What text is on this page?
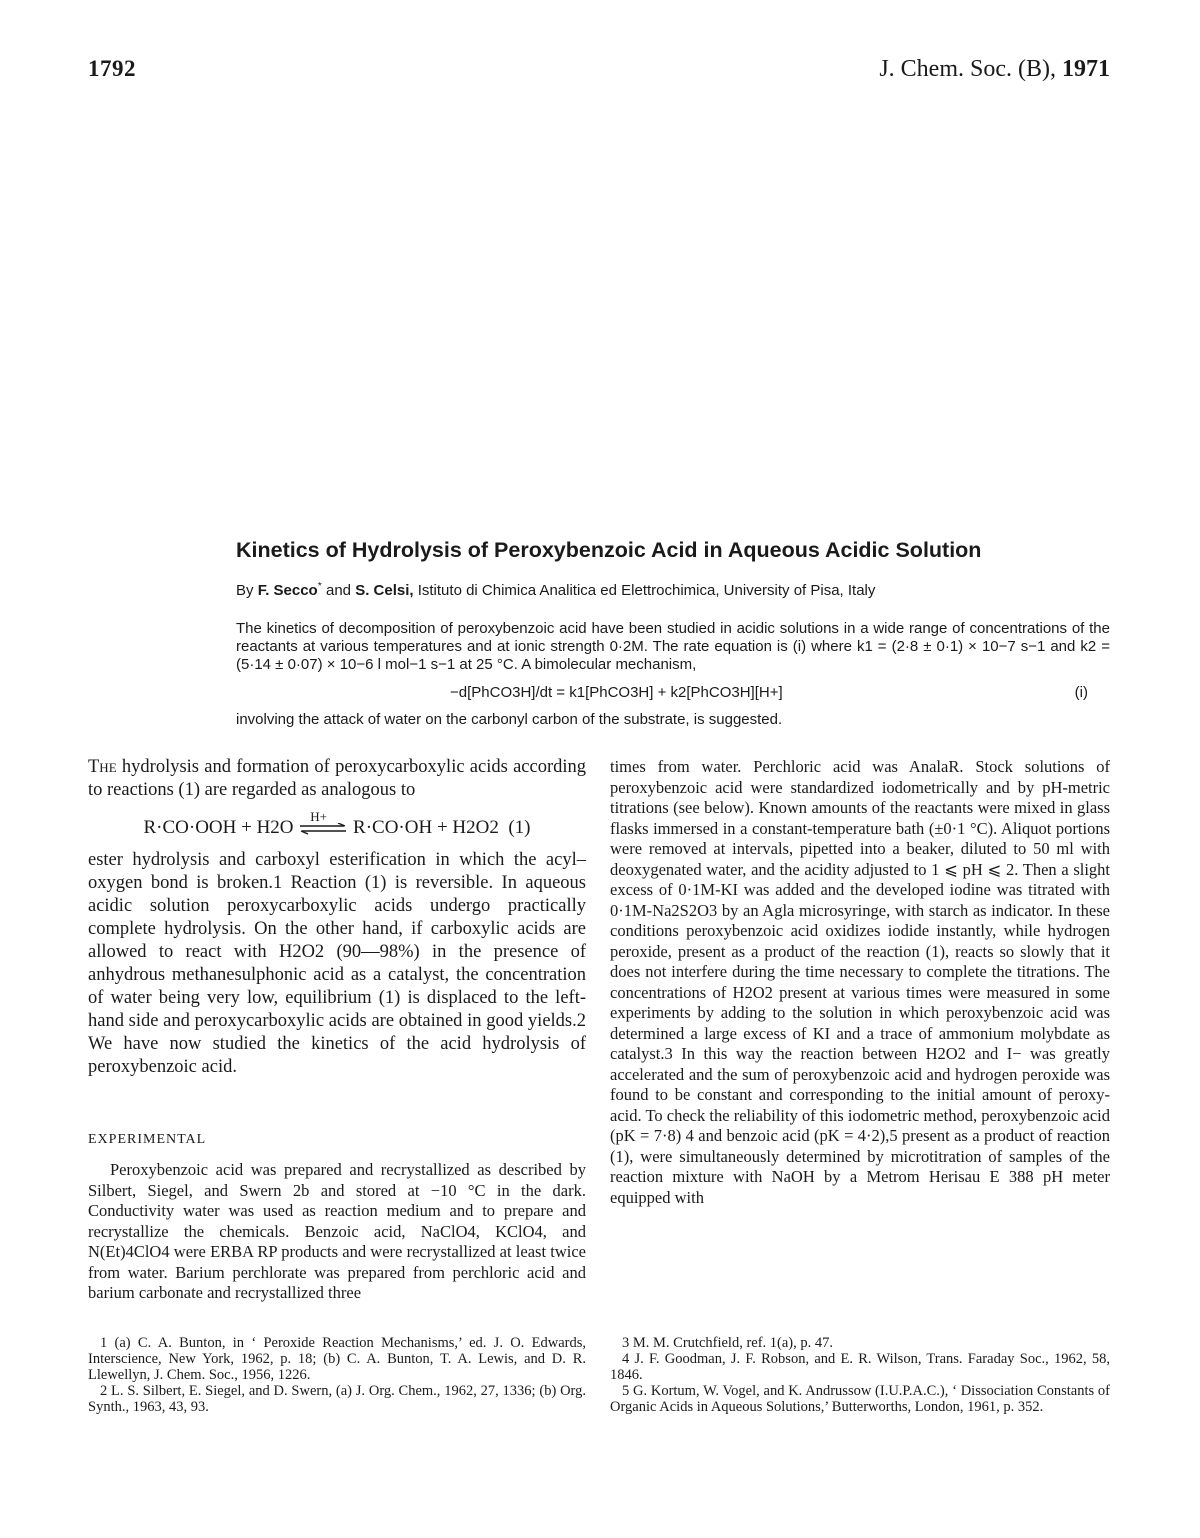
1792	J. Chem. Soc. (B), 1971
Kinetics of Hydrolysis of Peroxybenzoic Acid in Aqueous Acidic Solution
By F. Secco* and S. Celsi, Istituto di Chimica Analitica ed Elettrochimica, University of Pisa, Italy

The kinetics of decomposition of peroxybenzoic acid have been studied in acidic solutions in a wide range of concentrations of the reactants at various temperatures and at ionic strength 0·2M. The rate equation is (i) where k1 = (2·8 ± 0·1) × 10−7 s−1 and k2 = (5·14 ± 0·07) × 10−6 l mol−1 s−1 at 25 °C. A bimolecular mechanism,

−d[PhCO3H]/dt = k1[PhCO3H] + k2[PhCO3H][H+]	(i)
involving the attack of water on the carbonyl carbon of the substrate, is suggested.

The hydrolysis and formation of peroxycarboxylic acids according to reactions (1) are regarded as analogous to

R·CO·OOH + H2O
H+
R·CO·OH + H2O2 (1)

ester hydrolysis and carboxyl esterification in which the acyl–oxygen bond is broken.1 Reaction (1) is reversible. In aqueous acidic solution peroxycarboxylic acids undergo practically complete hydrolysis. On the other hand, if carboxylic acids are allowed to react with H2O2 (90—98%) in the presence of anhydrous methanesulphonic acid as a catalyst, the concentration of water being very low, equilibrium (1) is displaced to the left-hand side and peroxycarboxylic acids are obtained in good yields.2 We have now studied the kinetics of the acid hydrolysis of peroxybenzoic acid.

EXPERIMENTAL

Peroxybenzoic acid was prepared and recrystallized as described by Silbert, Siegel, and Swern 2b and stored at −10 °C in the dark. Conductivity water was used as reaction medium and to prepare and recrystallize the chemicals. Benzoic acid, NaClO4, KClO4, and N(Et)4ClO4 were ERBA RP products and were recrystallized at least twice from water. Barium perchlorate was prepared from perchloric acid and barium carbonate and recrystallized three

times from water. Perchloric acid was AnalaR. Stock solutions of peroxybenzoic acid were standardized iodometrically and by pH-metric titrations (see below). Known amounts of the reactants were mixed in glass flasks immersed in a constant-temperature bath (±0·1 °C). Aliquot portions were removed at intervals, pipetted into a beaker, diluted to 50 ml with deoxygenated water, and the acidity adjusted to 1 ⩽ pH ⩽ 2. Then a slight excess of 0·1M-KI was added and the developed iodine was titrated with 0·1M-Na2S2O3 by an Agla microsyringe, with starch as indicator. In these conditions peroxybenzoic acid oxidizes iodide instantly, while hydrogen peroxide, present as a product of the reaction (1), reacts so slowly that it does not interfere during the time necessary to complete the titrations. The concentrations of H2O2 present at various times were measured in some experiments by adding to the solution in which peroxybenzoic acid was determined a large excess of KI and a trace of ammonium molybdate as catalyst.3 In this way the reaction between H2O2 and I− was greatly accelerated and the sum of peroxybenzoic acid and hydrogen peroxide was found to be constant and corresponding to the initial amount of peroxy-acid. To check the reliability of this iodometric method, peroxybenzoic acid (pK = 7·8) 4 and benzoic acid (pK = 4·2),5 present as a product of reaction (1), were simultaneously determined by microtitration of samples of the reaction mixture with NaOH by a Metrom Herisau E 388 pH meter equipped with

1 (a) C. A. Bunton, in ‘ Peroxide Reaction Mechanisms,’ ed. J. O. Edwards, Interscience, New York, 1962, p. 18; (b) C. A. Bunton, T. A. Lewis, and D. R. Llewellyn, J. Chem. Soc., 1956, 1226.

2 L. S. Silbert, E. Siegel, and D. Swern, (a) J. Org. Chem., 1962, 27, 1336; (b) Org. Synth., 1963, 43, 93.

3 M. M. Crutchfield, ref. 1(a), p. 47.

4 J. F. Goodman, J. F. Robson, and E. R. Wilson, Trans. Faraday Soc., 1962, 58, 1846.

5 G. Kortum, W. Vogel, and K. Andrussow (I.U.P.A.C.), ‘ Dissociation Constants of Organic Acids in Aqueous Solutions,’ Butterworths, London, 1961, p. 352.
